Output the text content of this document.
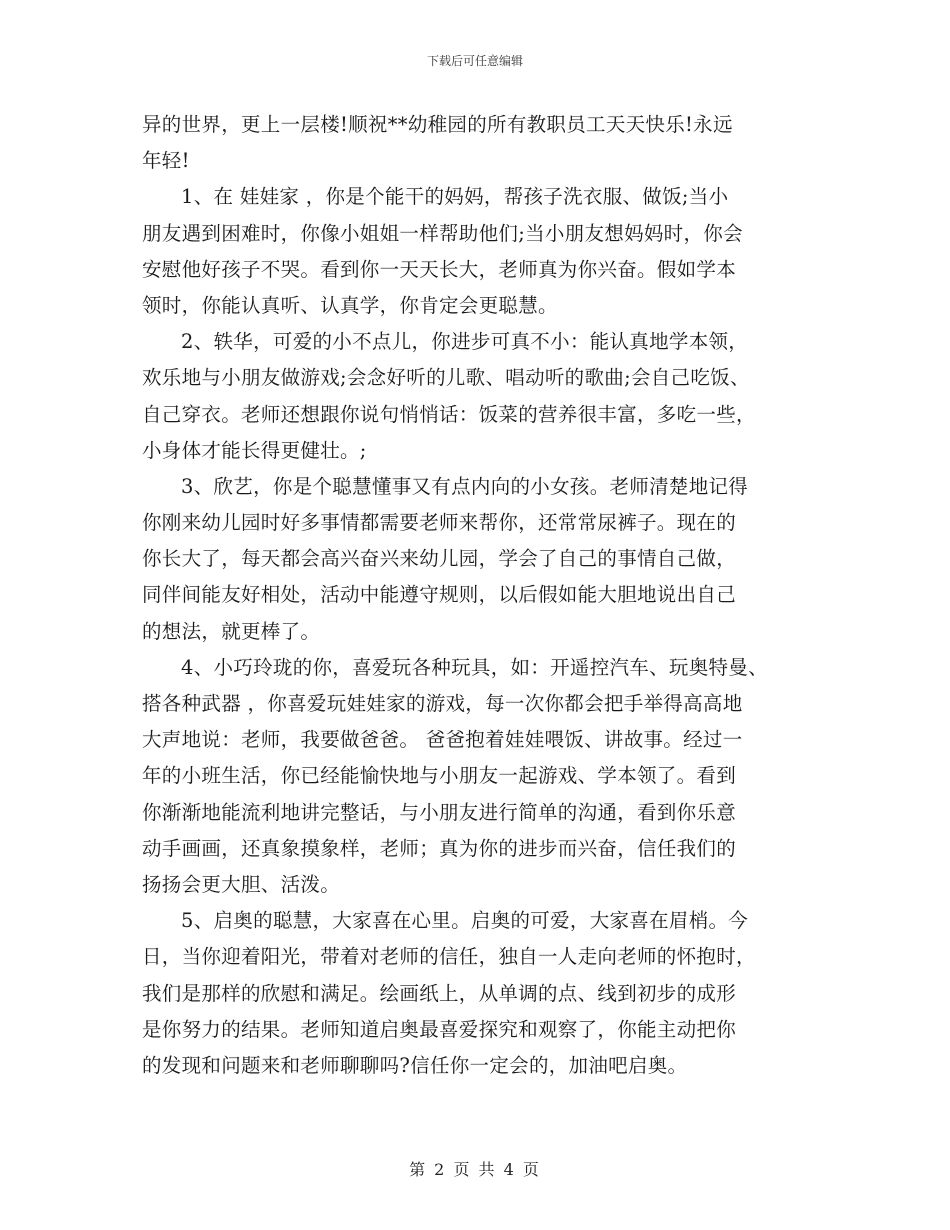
下载后可任意编辑
异的世界，更上一层楼!顺祝**幼稚园的所有教职员工天天快乐!永远
年轻!
1、在 娃娃家 ，你是个能干的妈妈，帮孩子洗衣服、做饭;当小
朋友遇到困难时，你像小姐姐一样帮助他们;当小朋友想妈妈时，你会
安慰他好孩子不哭。看到你一天天长大，老师真为你兴奋。假如学本
领时，你能认真听、认真学，你肯定会更聪慧。
2、轶华，可爱的小不点儿，你进步可真不小：能认真地学本领，
欢乐地与小朋友做游戏;会念好听的儿歌、唱动听的歌曲;会自己吃饭、
自己穿衣。老师还想跟你说句悄悄话：饭菜的营养很丰富，多吃一些，
小身体才能长得更健壮。;
3、欣艺，你是个聪慧懂事又有点内向的小女孩。老师清楚地记得
你刚来幼儿园时好多事情都需要老师来帮你，还常常尿裤子。现在的
你长大了，每天都会高兴奋兴来幼儿园，学会了自己的事情自己做，
同伴间能友好相处，活动中能遵守规则，以后假如能大胆地说出自己
的想法，就更棒了。
4、小巧玲珑的你，喜爱玩各种玩具，如：开遥控汽车、玩奥特曼、
搭各种武器 ，你喜爱玩娃娃家的游戏，每一次你都会把手举得高高地
大声地说：老师，我要做爸爸。 爸爸抱着娃娃喂饭、讲故事。经过一
年的小班生活，你已经能愉快地与小朋友一起游戏、学本领了。看到
你渐渐地能流利地讲完整话，与小朋友进行简单的沟通，看到你乐意
动手画画，还真象摸象样，老师；真为你的进步而兴奋，信任我们的
扬扬会更大胆、活泼。
5、启奥的聪慧，大家喜在心里。启奥的可爱，大家喜在眉梢。今
日，当你迎着阳光，带着对老师的信任，独自一人走向老师的怀抱时，
我们是那样的欣慰和满足。绘画纸上，从单调的点、线到初步的成形
是你努力的结果。老师知道启奥最喜爱探究和观察了，你能主动把你
的发现和问题来和老师聊聊吗?信任你一定会的，加油吧启奥。
第 2 页 共 4 页
